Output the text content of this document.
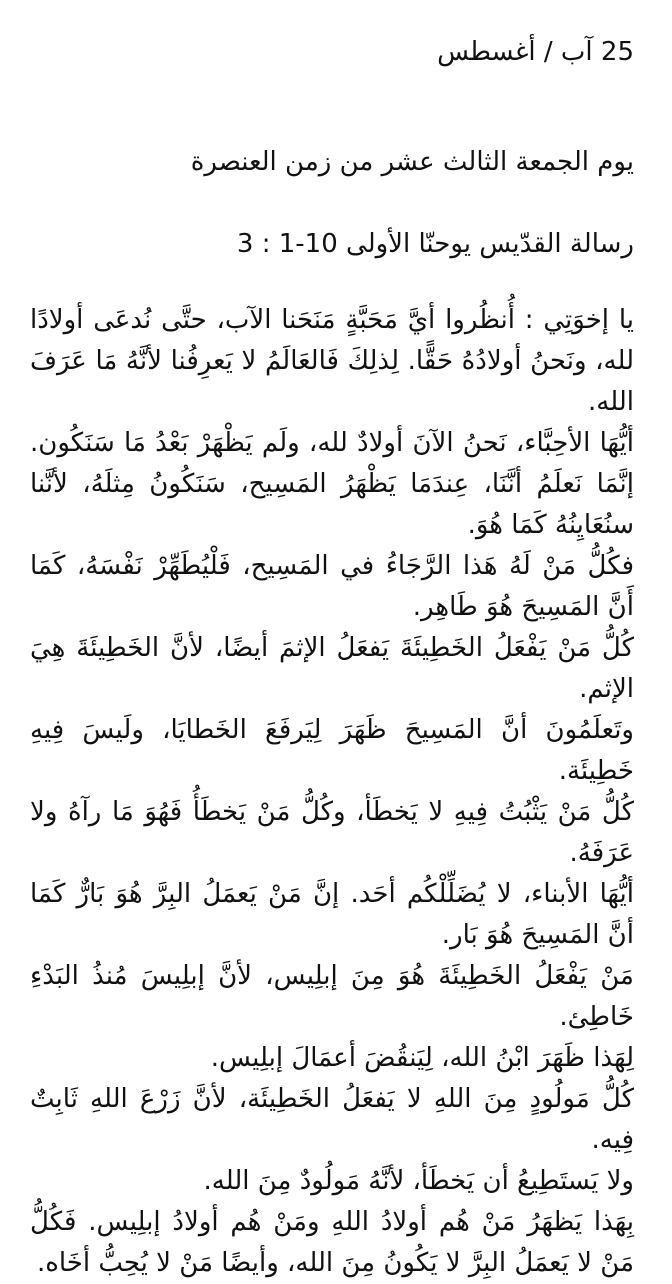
25 آب / أغسطس
يوم الجمعة الثالث عشر من زمن العنصرة
رسالة القدّيس يوحنّا الأولى 10-1 : 3

يا إخوَتِي : أُنظُروا أيَّ مَحَبَّةٍ مَنَحَنا الآب، حتَّى نُدعَى أولادًا لله، ونَحنُ أولادُهُ حَقًّا. لِذلِكَ فَالعَالَمُ لا يَعرِفُنا لأنَّهُ مَا عَرَفَ الله.

أيُّهَا الأحِبَّاء، نَحنُ الآنَ أولادٌ لله، ولَم يَظْهَرْ بَعْدُ مَا سَنَكُون. إنَّمَا نَعلَمُ أنَّنَا، عِندَمَا يَظْهَرُ المَسِيح، سَنَكُونُ مِثلَهُ، لأنَّنا سنُعَايِنُهُ كَمَا هُوَ.

فكُلُّ مَنْ لَهُ هَذا الرَّجَاءُ في المَسِيح، فَلْيُطَهِّرْ نَفْسَهُ، كَمَا أَنَّ المَسِيحَ هُوَ طَاهِر.

كُلُّ مَنْ يَفْعَلُ الخَطِيئَةَ يَفعَلُ الإثمَ أيضًا، لأنَّ الخَطِيئَةَ هِيَ الإثم.

وتَعلَمُونَ أنَّ المَسِيحَ ظَهَرَ لِيَرفَعَ الخَطايَا، ولَيسَ فِيهِ خَطِيئَة.

كُلُّ مَنْ يَثْبُتُ فِيهِ لا يَخطَأ، وكُلُّ مَنْ يَخطَأُ فَهُوَ مَا رآهُ ولا عَرَفَهُ.

أيُّهَا الأبناء، لا يُضَلِّلْكُم أحَد. إنَّ مَنْ يَعمَلُ البِرَّ هُوَ بَارٌّ كَمَا أنَّ المَسِيحَ هُوَ بَار.

مَنْ يَفْعَلُ الخَطِيئَةَ هُوَ مِنَ إبلِيس، لأنَّ إبلِيسَ مُنذُ البَدْءِ خَاطِئ.

لِهَذا ظَهَرَ ابْنُ الله، لِيَنقُضَ أعمَالَ إبلِيس.

كُلُّ مَولُودٍ مِنَ اللهِ لا يَفعَلُ الخَطِيئَة، لأنَّ زَرْعَ اللهِ ثَابِتٌ فِيه.

ولا يَستَطِيعُ أن يَخطَأ، لأنَّهُ مَولُودٌ مِنَ الله.

بِهَذا يَظهَرُ مَنْ هُم أولادُ اللهِ ومَنْ هُم أولادُ إبلِيس. فَكُلُّ مَنْ لا يَعمَلُ البِرَّ لا يَكُونُ مِنَ الله، وأيضًا مَنْ لا يُحِبُّ أخَاه.
